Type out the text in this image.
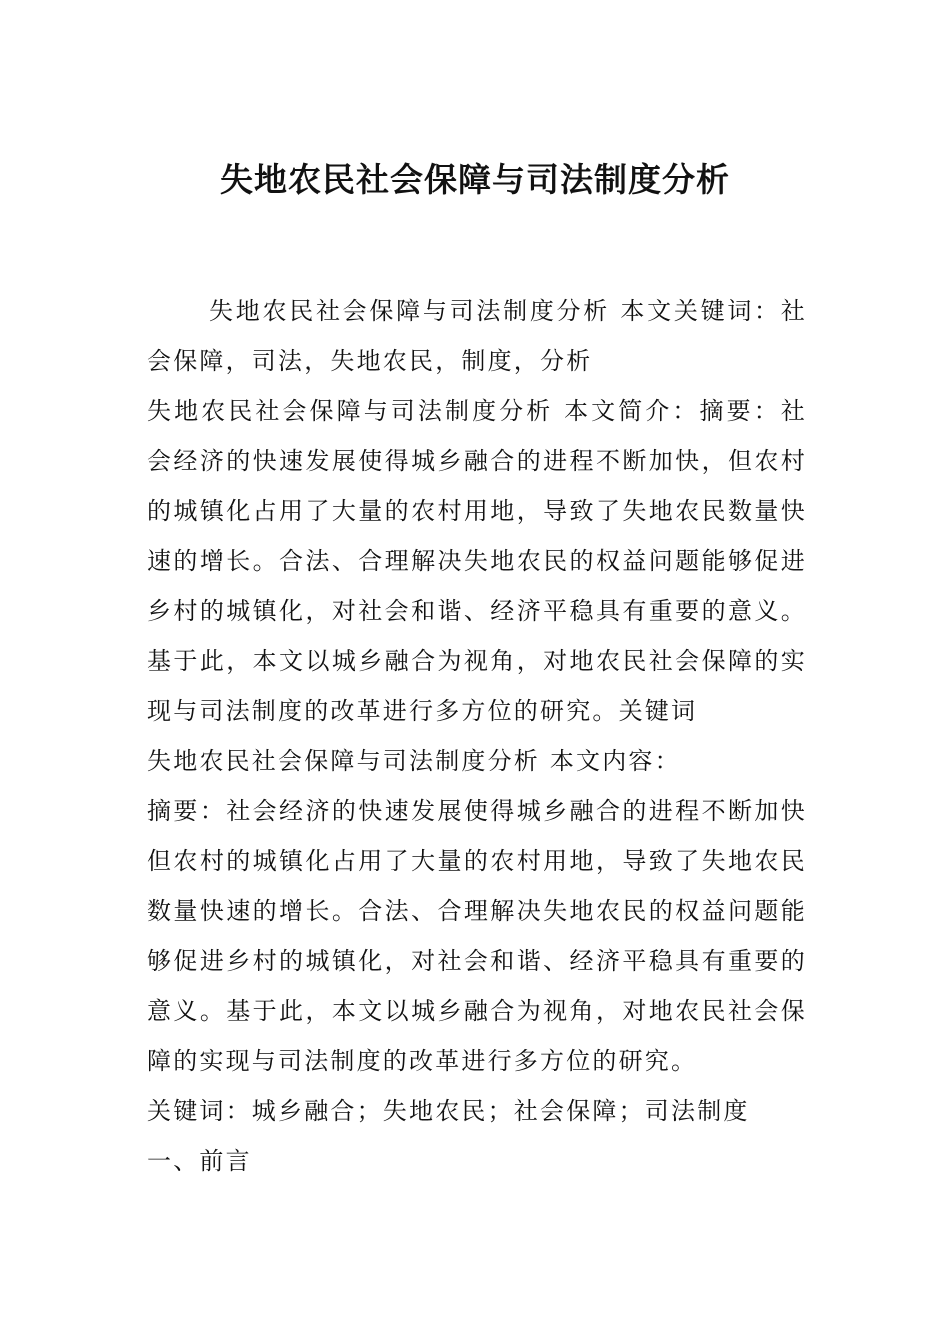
失地农民社会保障与司法制度分析

失地农民社会保障与司法制度分析 本文关键词：社会保障，司法，失地农民，制度，分析

失地农民社会保障与司法制度分析 本文简介：摘要：社会经济的快速发展使得城乡融合的进程不断加快，但农村的城镇化占用了大量的农村用地，导致了失地农民数量快速的增长。合法、合理解决失地农民的权益问题能够促进乡村的城镇化，对社会和谐、经济平稳具有重要的意义。基于此，本文以城乡融合为视角，对地农民社会保障的实现与司法制度的改革进行多方位的研究。关键词

失地农民社会保障与司法制度分析 本文内容：

摘要：社会经济的快速发展使得城乡融合的进程不断加快但农村的城镇化占用了大量的农村用地，导致了失地农民数量快速的增长。合法、合理解决失地农民的权益问题能够促进乡村的城镇化，对社会和谐、经济平稳具有重要的意义。基于此，本文以城乡融合为视角，对地农民社会保障的实现与司法制度的改革进行多方位的研究。

关键词：城乡融合；失地农民；社会保障；司法制度

一、前言
